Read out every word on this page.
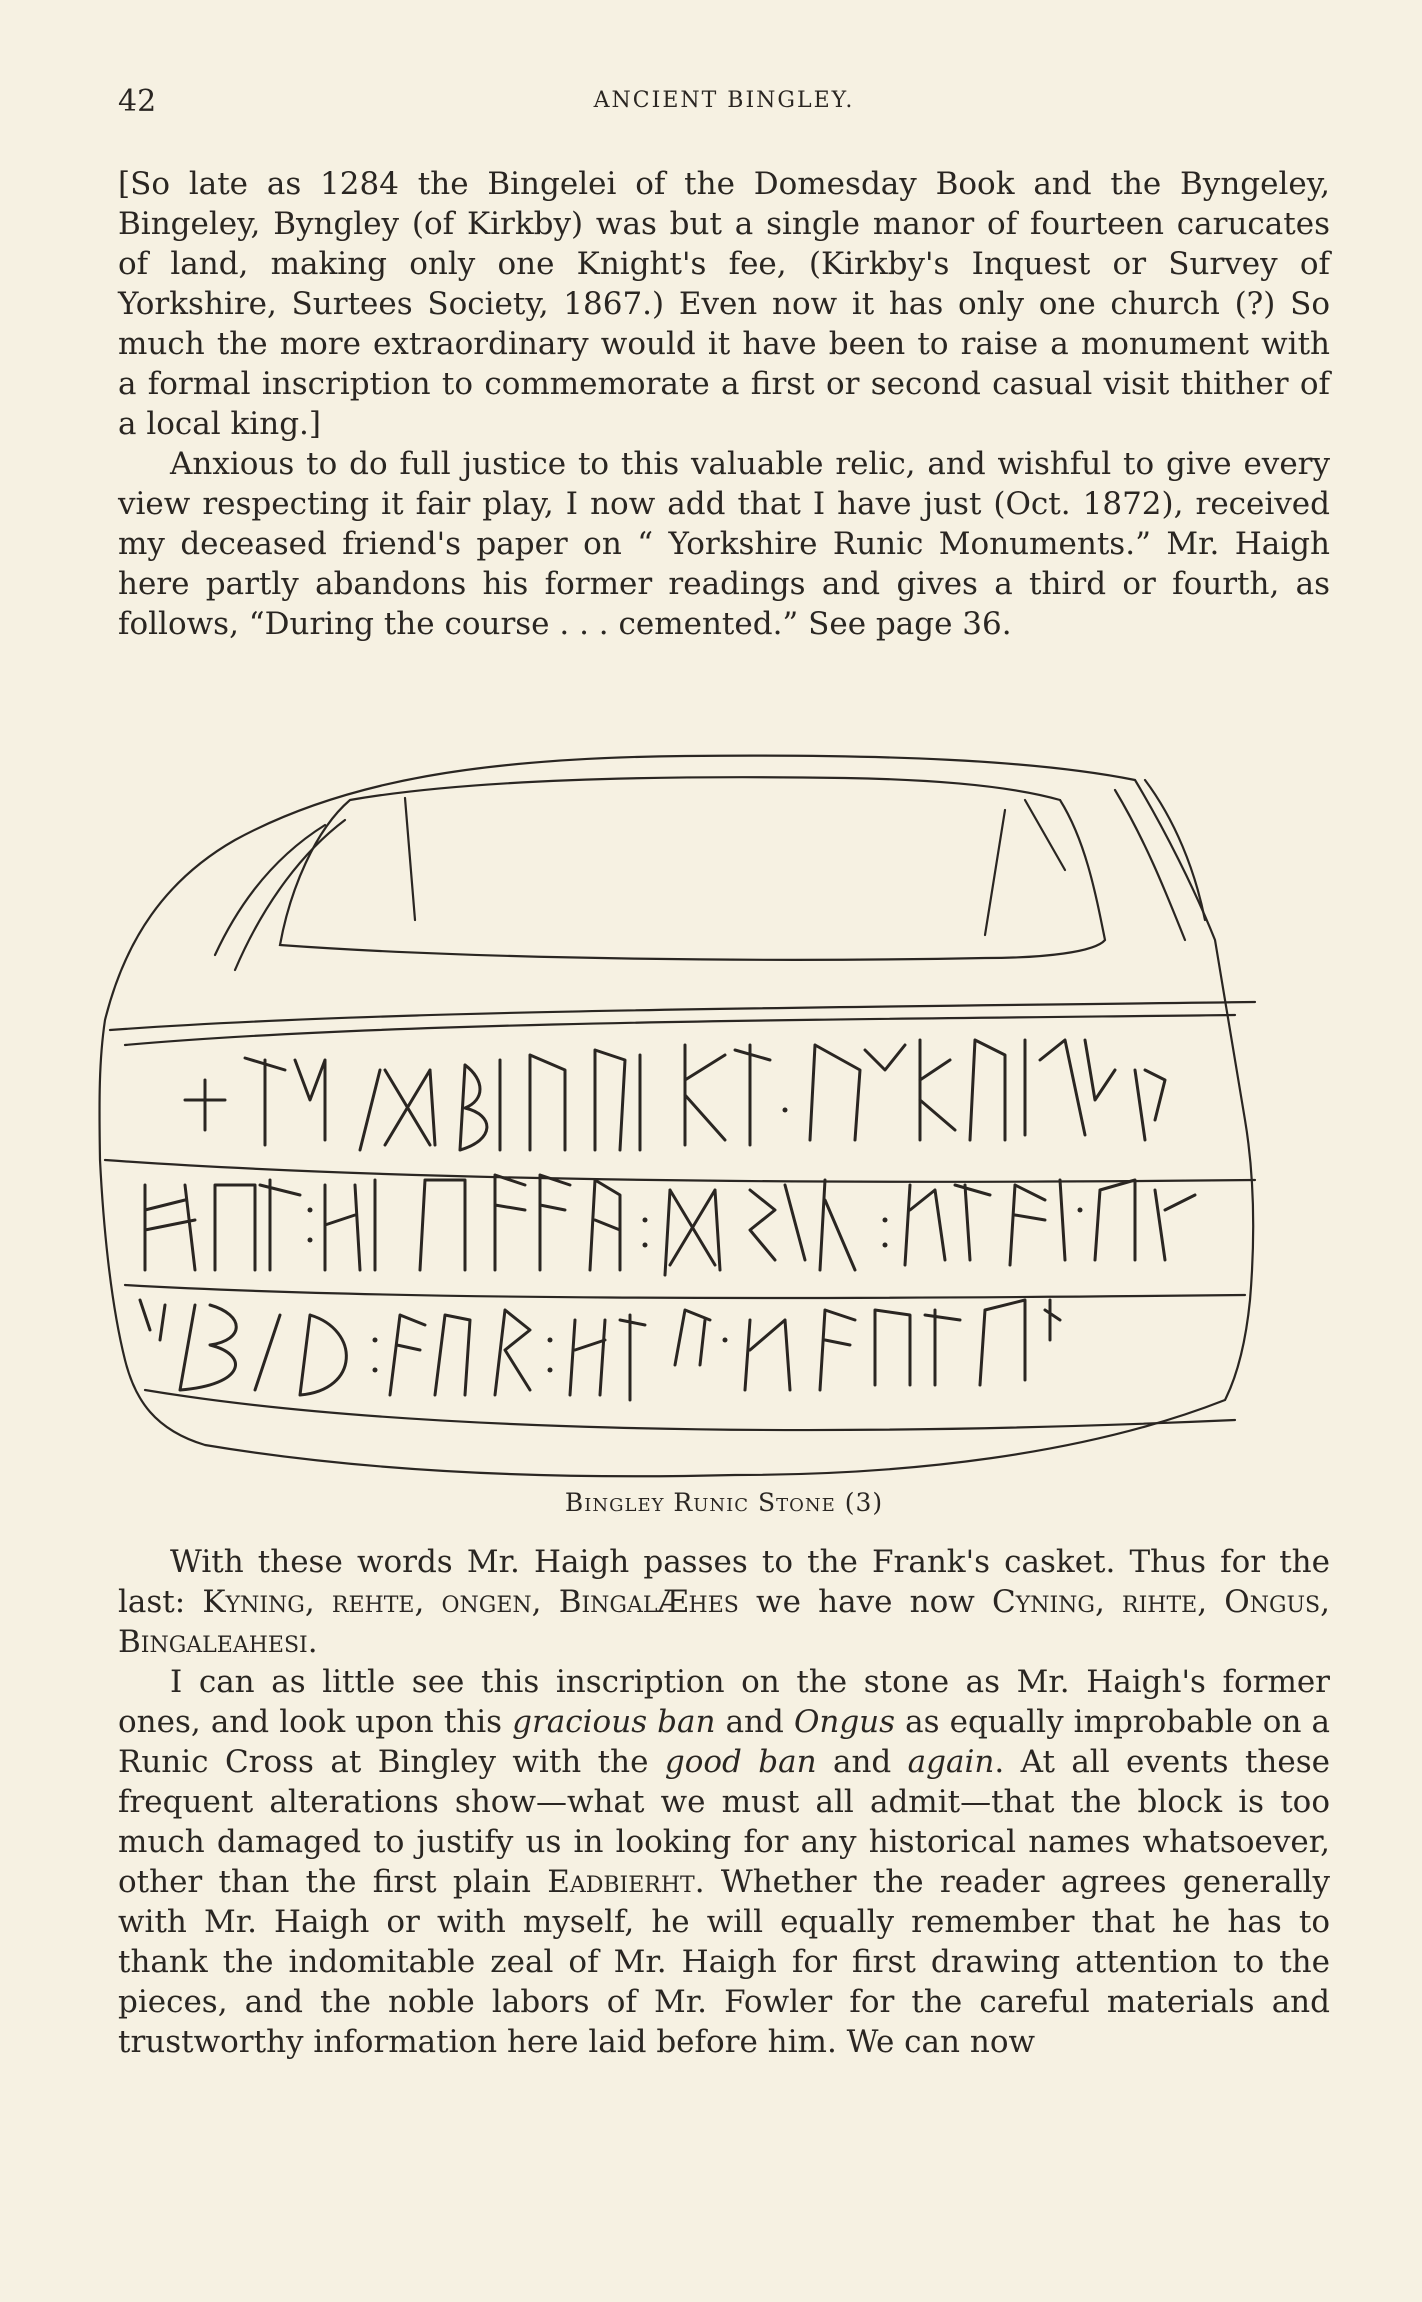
42	ANCIENT BINGLEY.

[So late as 1284 the Bingelei of the Domesday Book and the Byngeley, Bingeley, Byngley (of Kirkby) was but a single manor of fourteen carucates of land, making only one Knight's fee, (Kirkby's Inquest or Survey of Yorkshire, Surtees Society, 1867.) Even now it has only one church (?) So much the more extraordinary would it have been to raise a monument with a formal inscription to commemorate a first or second casual visit thither of a local king.]

Anxious to do full justice to this valuable relic, and wishful to give every view respecting it fair play, I now add that I have just (Oct. 1872), received my deceased friend's paper on “ Yorkshire Runic Monuments.” Mr. Haigh here partly abandons his former readings and gives a third or fourth, as follows, “During the course . . . cemented.” See page 36.

Bingley Runic Stone (3)

With these words Mr. Haigh passes to the Frank's casket. Thus for the last: Kyning, rehte, ongen, BingalÆhes we have now Cyning, rihte, Ongus, Bingaleahesi.

I can as little see this inscription on the stone as Mr. Haigh's former ones, and look upon this gracious ban and Ongus as equally improbable on a Runic Cross at Bingley with the good ban and again. At all events these frequent alterations show—what we must all admit—that the block is too much damaged to justify us in looking for any historical names whatsoever, other than the first plain Eadbierht. Whether the reader agrees generally with Mr. Haigh or with myself, he will equally remember that he has to thank the indomitable zeal of Mr. Haigh for first drawing attention to the pieces, and the noble labors of Mr. Fowler for the careful materials and trustworthy information here laid before him. We can now
